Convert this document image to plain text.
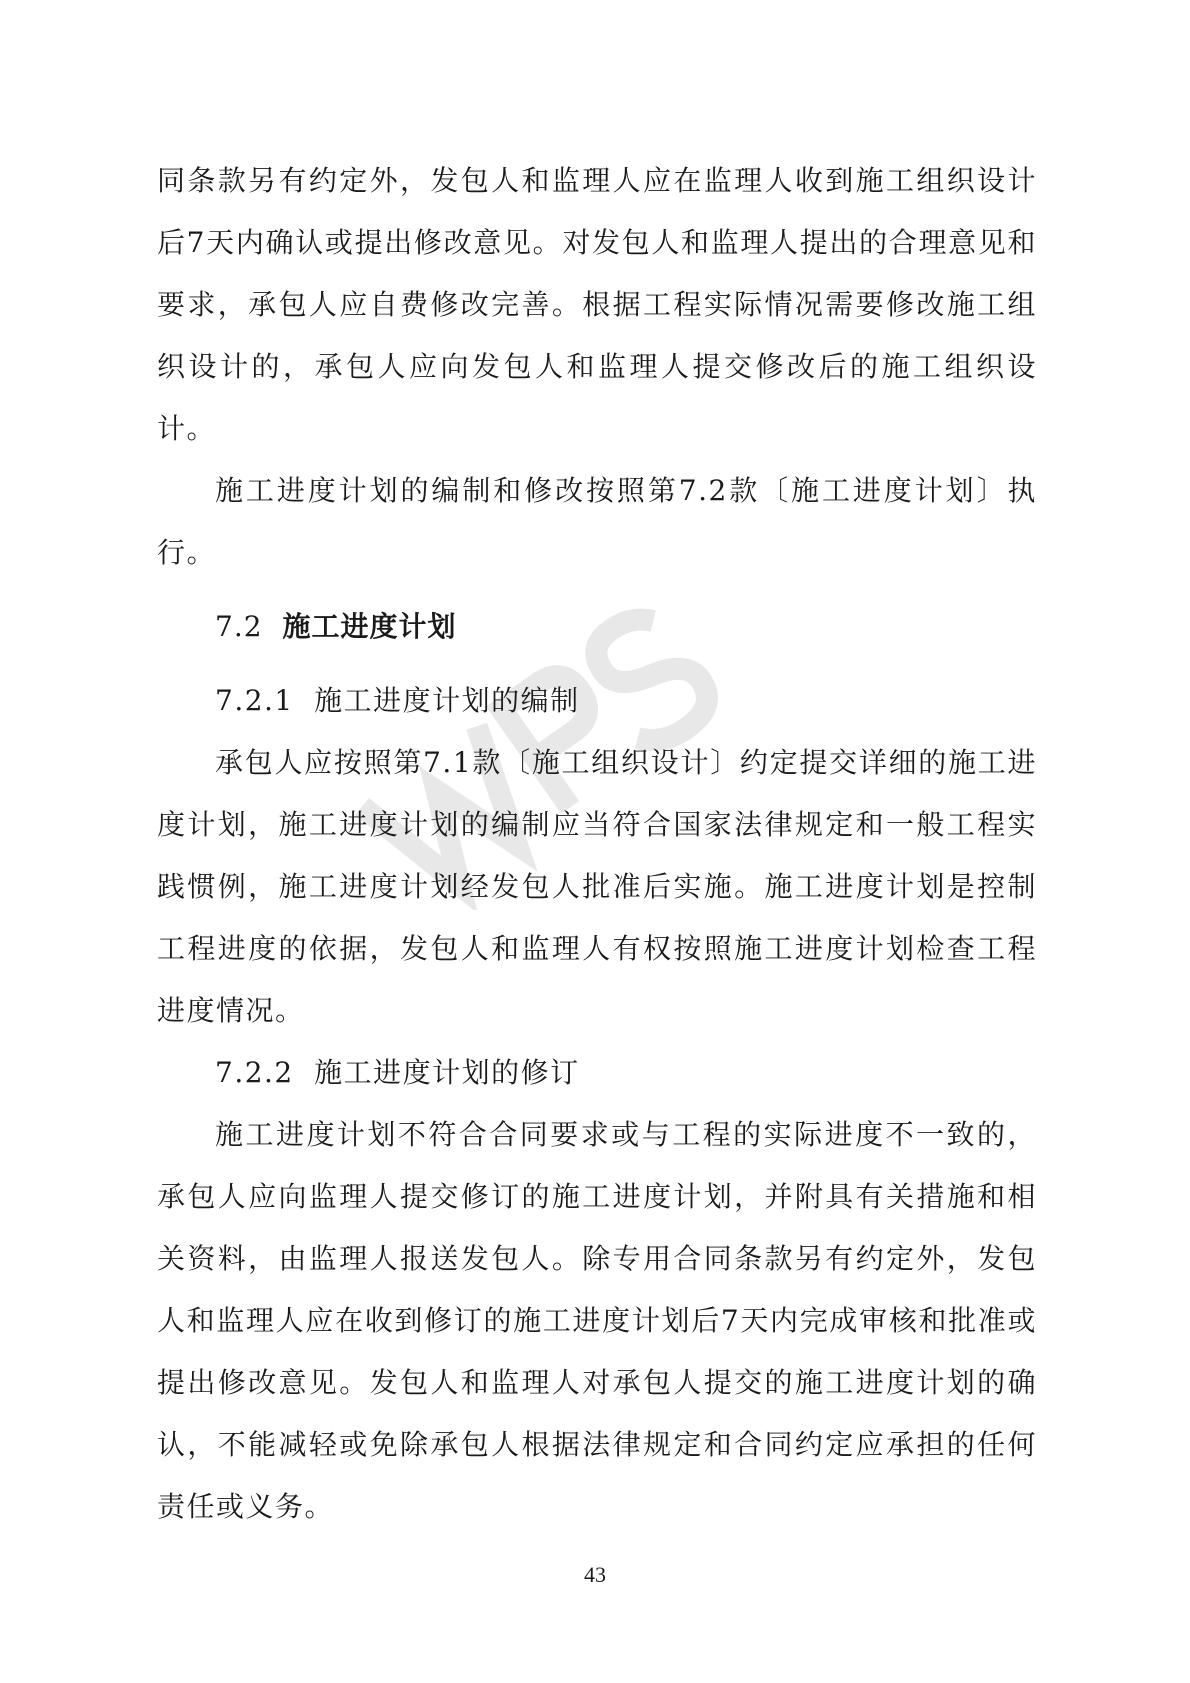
同条款另有约定外，发包人和监理人应在监理人收到施工组织设计后7天内确认或提出修改意见。对发包人和监理人提出的合理意见和要求，承包人应自费修改完善。根据工程实际情况需要修改施工组织设计的，承包人应向发包人和监理人提交修改后的施工组织设计。

施工进度计划的编制和修改按照第7.2款〔施工进度计划〕执行。

7.2 施工进度计划
7.2.1 施工进度计划的编制

承包人应按照第7.1款〔施工组织设计〕约定提交详细的施工进度计划，施工进度计划的编制应当符合国家法律规定和一般工程实践惯例，施工进度计划经发包人批准后实施。施工进度计划是控制工程进度的依据，发包人和监理人有权按照施工进度计划检查工程进度情况。

7.2.2 施工进度计划的修订

施工进度计划不符合合同要求或与工程的实际进度不一致的，承包人应向监理人提交修订的施工进度计划，并附具有关措施和相关资料，由监理人报送发包人。除专用合同条款另有约定外，发包人和监理人应在收到修订的施工进度计划后7天内完成审核和批准或提出修改意见。发包人和监理人对承包人提交的施工进度计划的确认，不能减轻或免除承包人根据法律规定和合同约定应承担的任何责任或义务。

43
